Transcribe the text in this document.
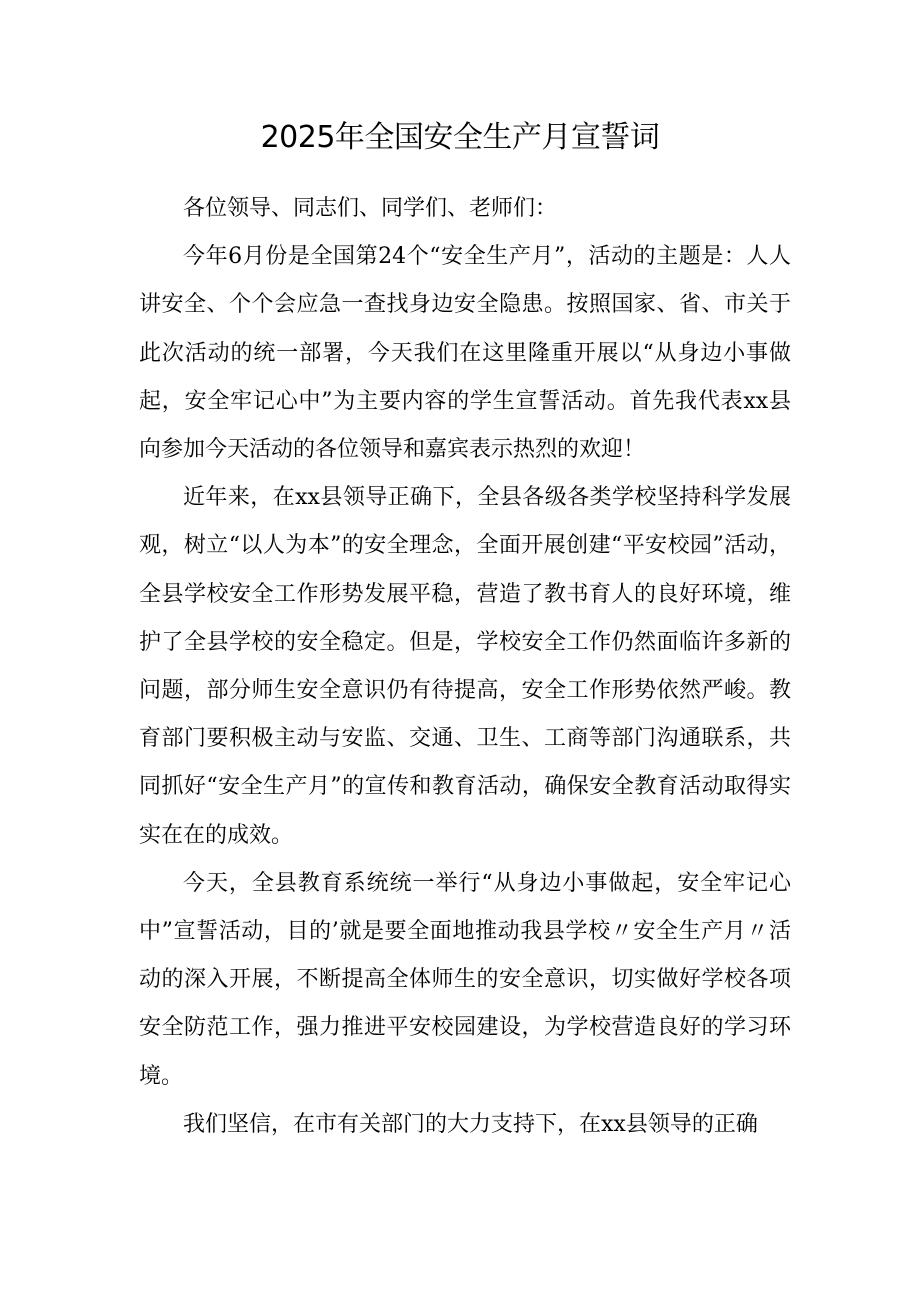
2025年全国安全生产月宣誓词

各位领导、同志们、同学们、老师们：

今年6月份是全国第24个“安全生产月”，活动的主题是：人人讲安全、个个会应急一查找身边安全隐患。按照国家、省、市关于此次活动的统一部署，今天我们在这里隆重开展以“从身边小事做起，安全牢记心中”为主要内容的学生宣誓活动。首先我代表xx县向参加今天活动的各位领导和嘉宾表示热烈的欢迎！

近年来，在xx县领导正确下，全县各级各类学校坚持科学发展观，树立“以人为本”的安全理念，全面开展创建“平安校园”活动，全县学校安全工作形势发展平稳，营造了教书育人的良好环境，维护了全县学校的安全稳定。但是，学校安全工作仍然面临许多新的问题，部分师生安全意识仍有待提高，安全工作形势依然严峻。教育部门要积极主动与安监、交通、卫生、工商等部门沟通联系，共同抓好“安全生产月”的宣传和教育活动，确保安全教育活动取得实实在在的成效。

今天，全县教育系统统一举行“从身边小事做起，安全牢记心中”宣誓活动，目的’就是要全面地推动我县学校〃安全生产月〃活动的深入开展，不断提高全体师生的安全意识，切实做好学校各项安全防范工作，强力推进平安校园建设，为学校营造良好的学习环境。

我们坚信，在市有关部门的大力支持下，在xx县领导的正确
